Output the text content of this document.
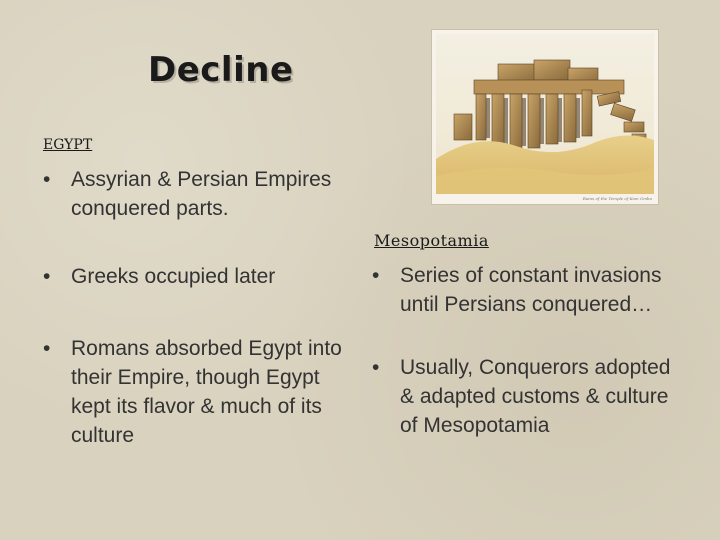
Decline
EGYPT
• Assyrian & Persian Empires conquered parts.
• Greeks occupied later
• Romans absorbed Egypt into their Empire, though Egypt kept its flavor & much of its culture
Mesopotamia
• Series of constant invasions until Persians conquered…
• Usually, Conquerors adopted & adapted customs & culture of Mesopotamia
Ruins of the Temple of Kom Ombo
